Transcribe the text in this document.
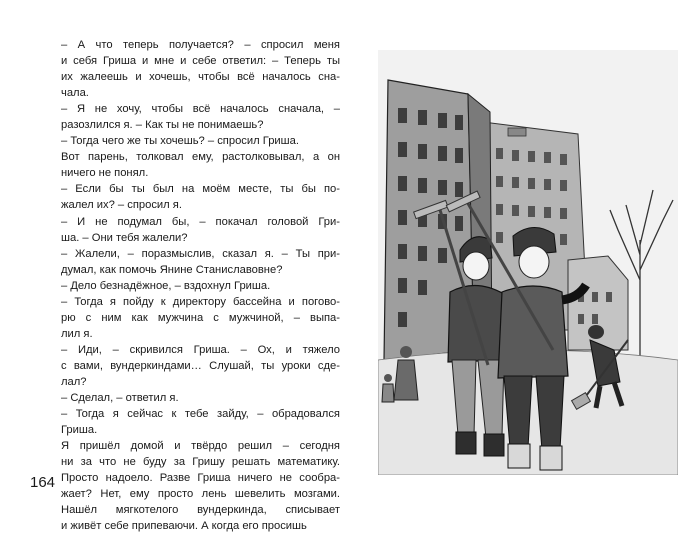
– А что теперь получается? – спросил меня
и себя Гриша и мне и себе ответил: – Теперь ты
их жалеешь и хочешь, чтобы всё началось сна-
чала.
– Я не хочу, чтобы всё началось сначала, –
разозлился я. – Как ты не понимаешь?
– Тогда чего же ты хочешь? – спросил Гриша.
Вот парень, толковал ему, растолковывал, а он
ничего не понял.
– Если бы ты был на моём месте, ты бы по-
жалел их? – спросил я.
– И не подумал бы, – покачал головой Гри-
ша. – Они тебя жалели?
– Жалели, – поразмыслив, сказал я. – Ты при-
думал, как помочь Янине Станиславовне?
– Дело безнадёжное, – вздохнул Гриша.
– Тогда я пойду к директору бассейна и погово-
рю с ним как мужчина с мужчиной, – выпа-
лил я.
– Иди, – скривился Гриша. – Ох, и тяжело
с вами, вундеркиндами… Слушай, ты уроки сде-
лал?
– Сделал, – ответил я.
– Тогда я сейчас к тебе зайду, – обрадовался
Гриша.
Я пришёл домой и твёрдо решил – сегодня
ни за что не буду за Гришу решать математику.
Просто надоело. Разве Гриша ничего не сообра-
жает? Нет, ему просто лень шевелить мозгами.
Нашёл мягкотелого вундеркинда, списывает
и живёт себе припеваючи. А когда его просишь
164
